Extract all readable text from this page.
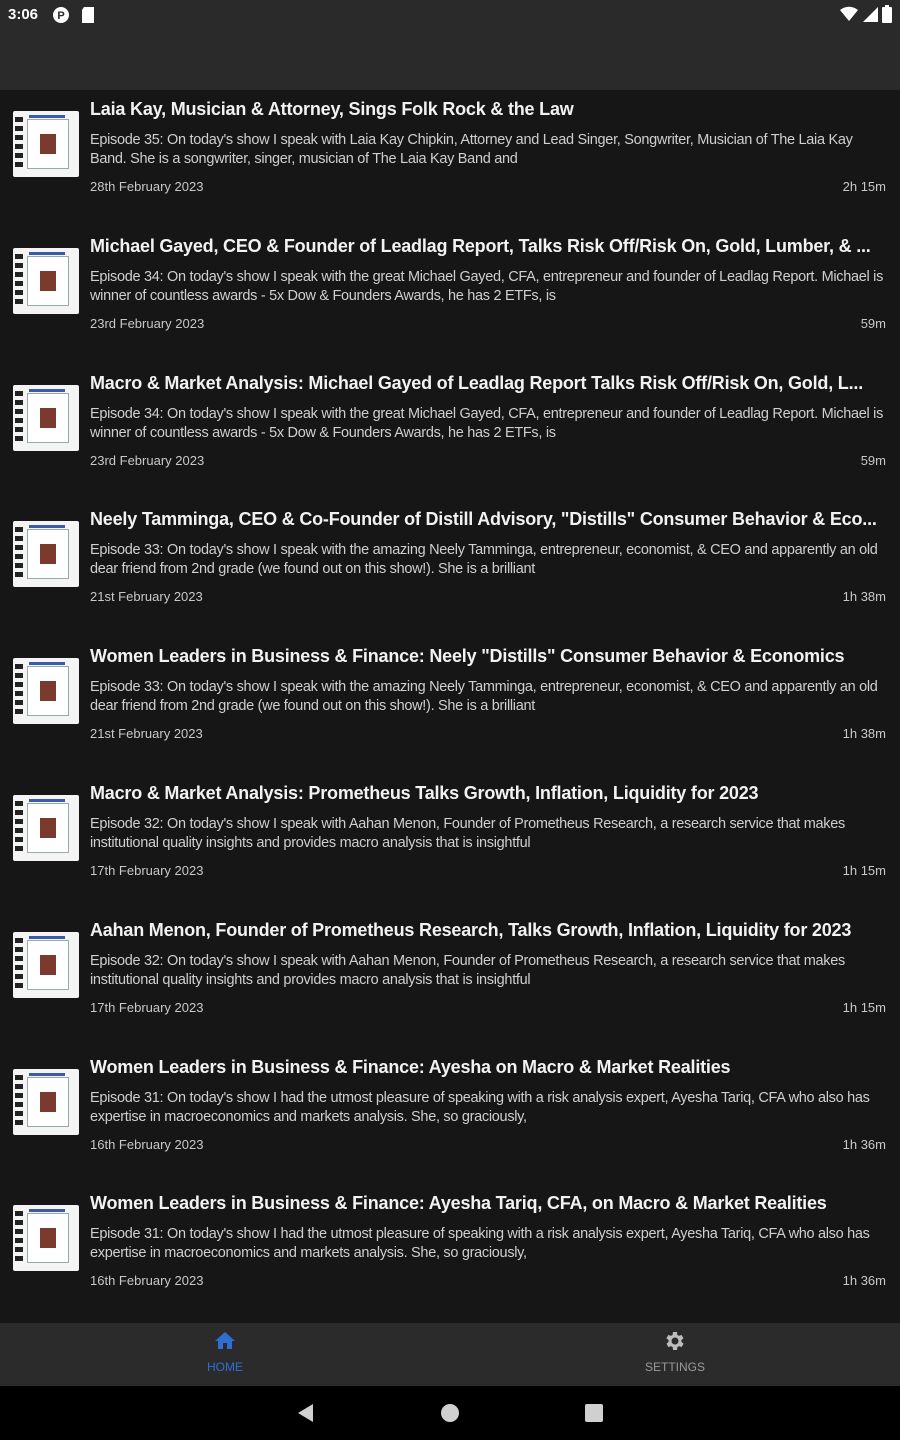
3:06 P
Laia Kay, Musician & Attorney, Sings Folk Rock & the Law
Episode 35: On today's show I speak with Laia Kay Chipkin, Attorney and Lead Singer, Songwriter, Musician of The Laia Kay Band. She is a songwriter, singer, musician of The Laia Kay Band and
28th February 2023	2h 15m
Michael Gayed, CEO & Founder of Leadlag Report, Talks Risk Off/Risk On, Gold, Lumber, & ...
Episode 34: On today's show I speak with the great Michael Gayed, CFA, entrepreneur and founder of Leadlag Report. Michael is winner of countless awards - 5x Dow & Founders Awards, he has 2 ETFs, is
23rd February 2023	59m
Macro & Market Analysis: Michael Gayed of Leadlag Report Talks Risk Off/Risk On, Gold, L...
Episode 34: On today's show I speak with the great Michael Gayed, CFA, entrepreneur and founder of Leadlag Report. Michael is winner of countless awards - 5x Dow & Founders Awards, he has 2 ETFs, is
23rd February 2023	59m
Neely Tamminga, CEO & Co-Founder of Distill Advisory, "Distills" Consumer Behavior & Eco...
Episode 33: On today's show I speak with the amazing Neely Tamminga, entrepreneur, economist, & CEO and apparently an old dear friend from 2nd grade (we found out on this show!). She is a brilliant
21st February 2023	1h 38m
Women Leaders in Business & Finance: Neely "Distills" Consumer Behavior & Economics
Episode 33: On today's show I speak with the amazing Neely Tamminga, entrepreneur, economist, & CEO and apparently an old dear friend from 2nd grade (we found out on this show!). She is a brilliant
21st February 2023	1h 38m
Macro & Market Analysis: Prometheus Talks Growth, Inflation, Liquidity for 2023
Episode 32: On today's show I speak with Aahan Menon, Founder of Prometheus Research, a research service that makes institutional quality insights and provides macro analysis that is insightful
17th February 2023	1h 15m
Aahan Menon, Founder of Prometheus Research, Talks Growth, Inflation, Liquidity for 2023
Episode 32: On today's show I speak with Aahan Menon, Founder of Prometheus Research, a research service that makes institutional quality insights and provides macro analysis that is insightful
17th February 2023	1h 15m
Women Leaders in Business & Finance: Ayesha on Macro & Market Realities
Episode 31: On today's show I had the utmost pleasure of speaking with a risk analysis expert, Ayesha Tariq, CFA who also has expertise in macroeconomics and markets analysis. She, so graciously,
16th February 2023	1h 36m
Women Leaders in Business & Finance: Ayesha Tariq, CFA, on Macro & Market Realities
Episode 31: On today's show I had the utmost pleasure of speaking with a risk analysis expert, Ayesha Tariq, CFA who also has expertise in macroeconomics and markets analysis. She, so graciously,
16th February 2023	1h 36m
HOME	SETTINGS
